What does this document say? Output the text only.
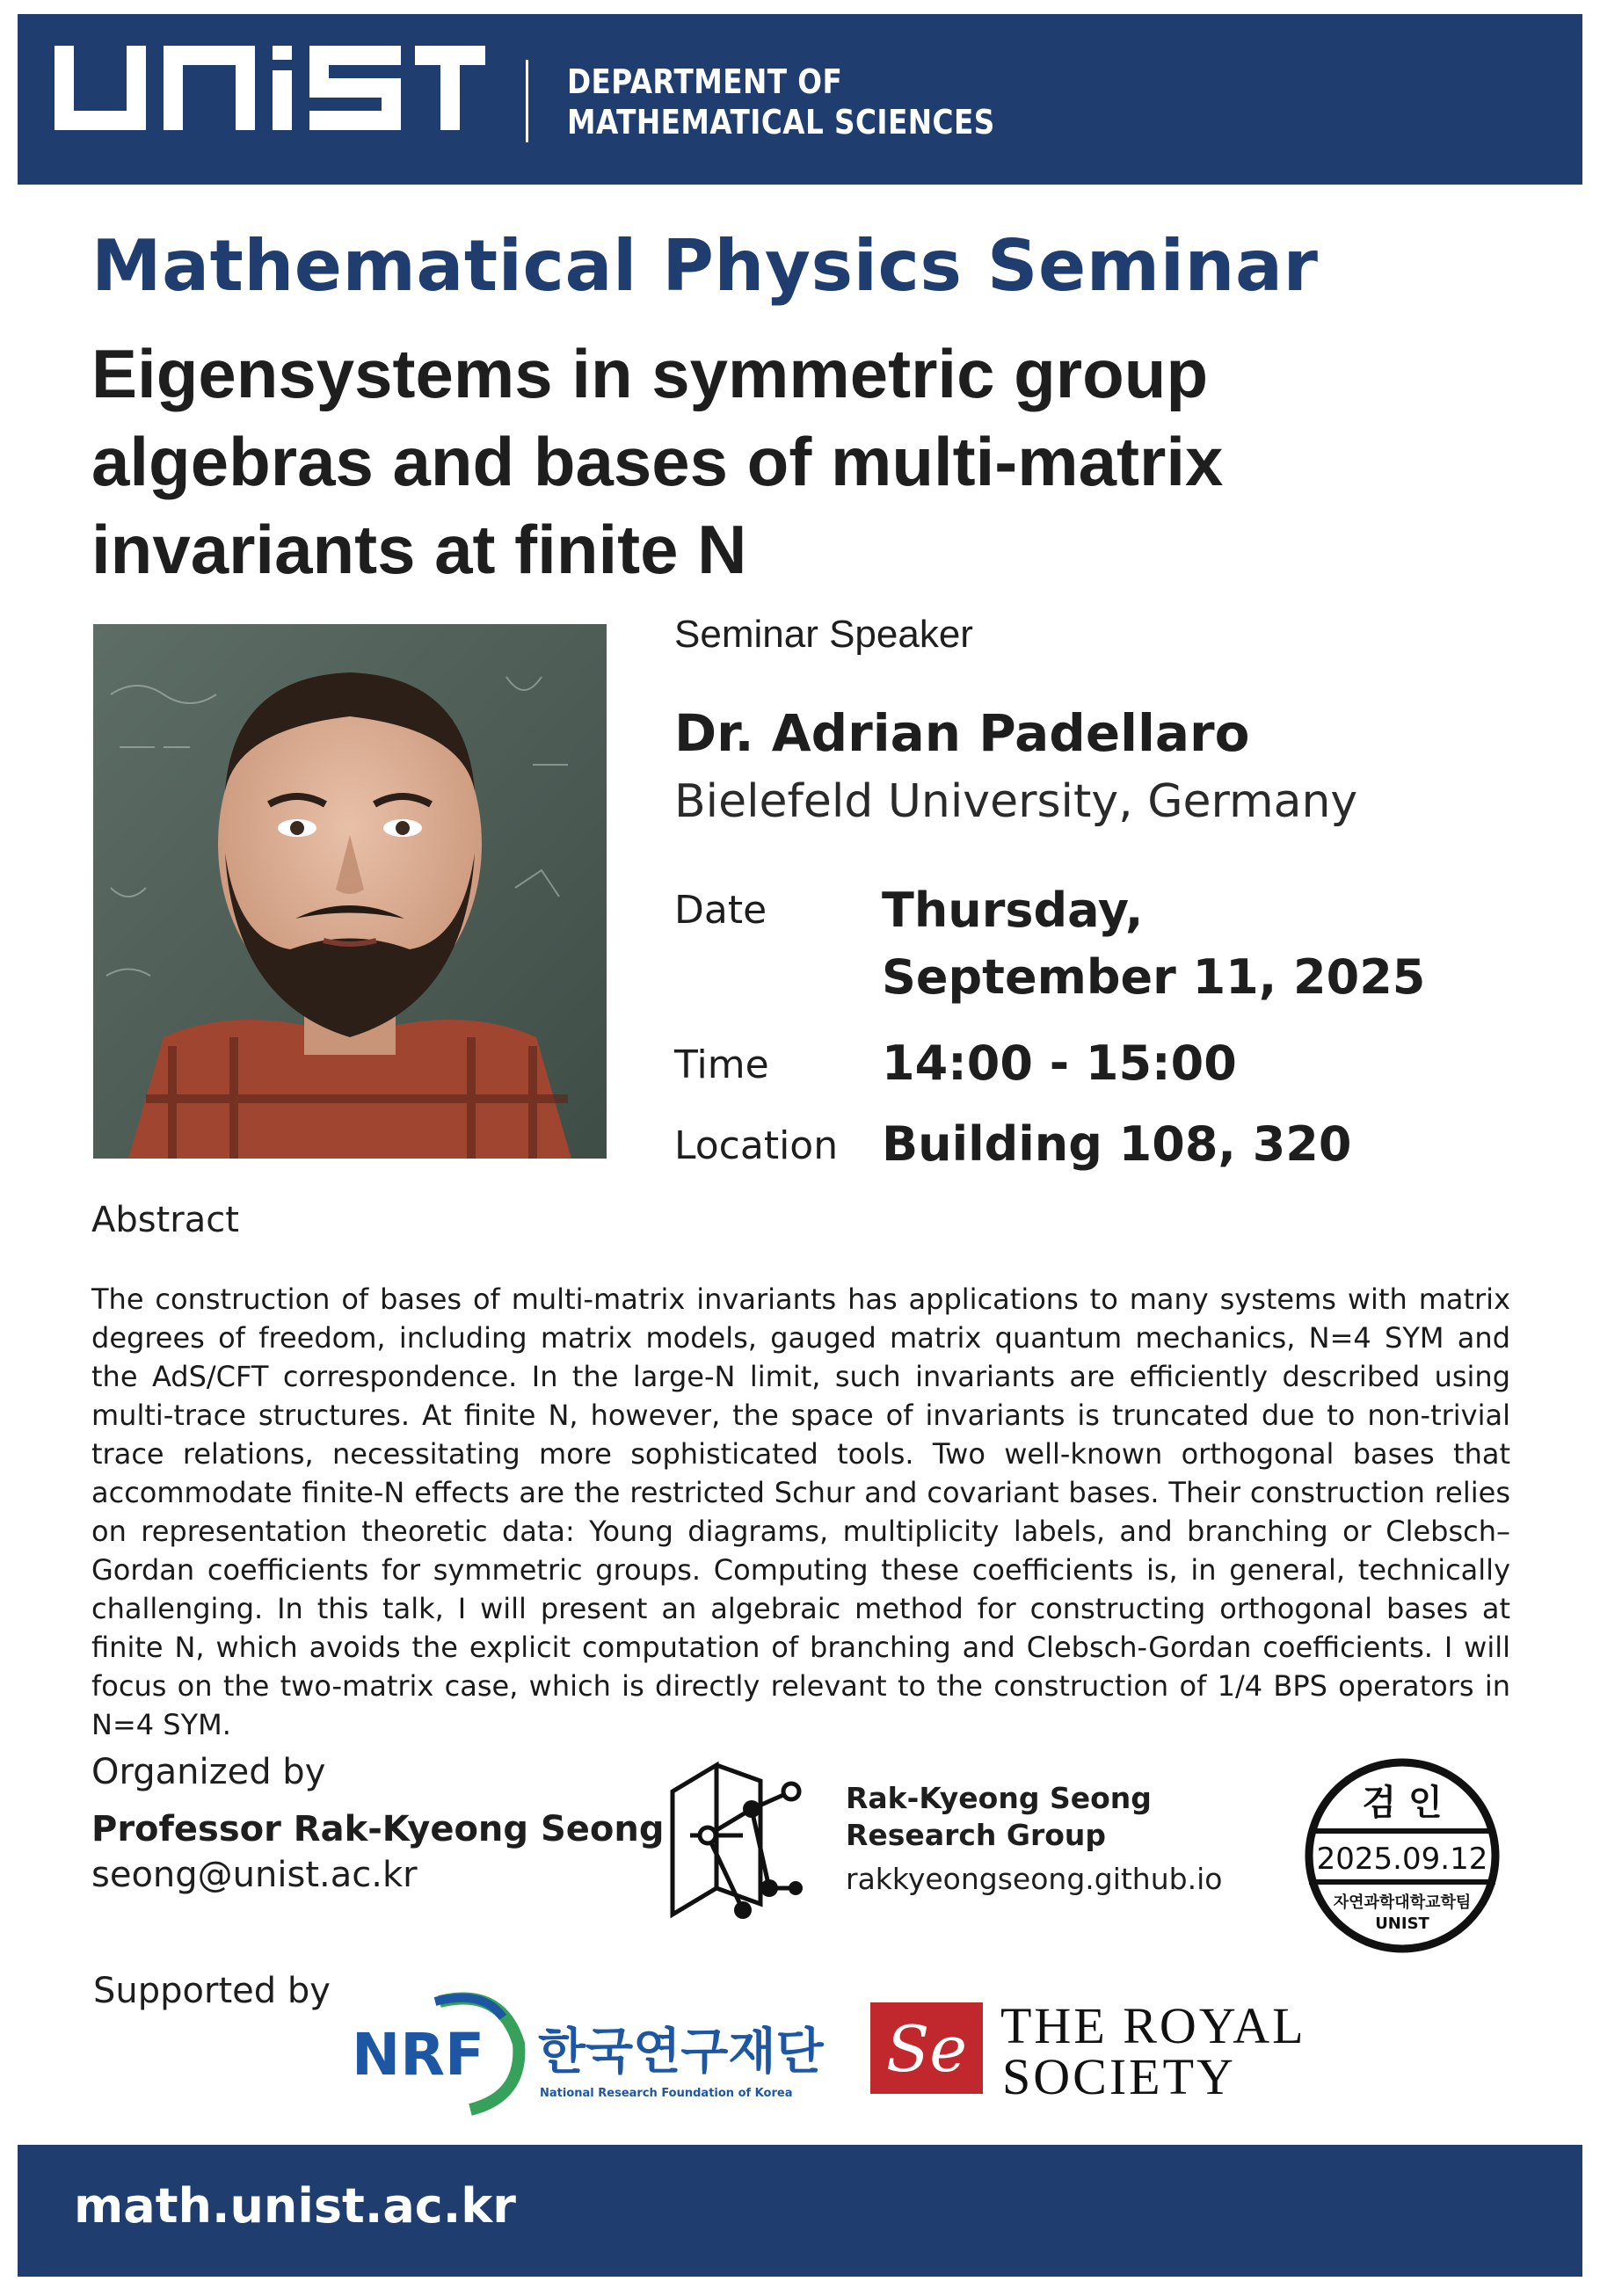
DEPARTMENT OF
MATHEMATICAL SCIENCES
Mathematical Physics Seminar
Eigensystems in symmetric group algebras and bases of multi-matrix invariants at finite N
Seminar Speaker
Dr. Adrian Padellaro
Bielefeld University, Germany
Date Thursday,
September 11, 2025
Time 14:00 - 15:00
Location Building 108, 320
Abstract
The construction of bases of multi-matrix invariants has applications to many systems with matrix degrees of freedom, including matrix models, gauged matrix quantum mechanics, N=4 SYM and the AdS/CFT correspondence. In the large-N limit, such invariants are efficiently described using multi-trace structures. At finite N, however, the space of invariants is truncated due to non-trivial trace relations, necessitating more sophisticated tools. Two well-known orthogonal bases that accommodate finite-N effects are the restricted Schur and covariant bases. Their construction relies on representation theoretic data: Young diagrams, multiplicity labels, and branching or Clebsch–Gordan coefficients for symmetric groups. Computing these coefficients is, in general, technically challenging. In this talk, I will present an algebraic method for constructing orthogonal bases at finite N, which avoids the explicit computation of branching and Clebsch-Gordan coefficients. I will focus on the two-matrix case, which is directly relevant to the construction of 1/4 BPS operators in N=4 SYM.
Organized by
Professor Rak-Kyeong Seong
seong@unist.ac.kr
Rak-Kyeong Seong
Research Group
rakkyeongseong.github.io
검 인
2025.09.12
자연과학대학교학팀
UNIST
Supported by
NRF 한국연구재단
National Research Foundation of Korea
Se THE ROYAL
SOCIETY
math.unist.ac.kr
